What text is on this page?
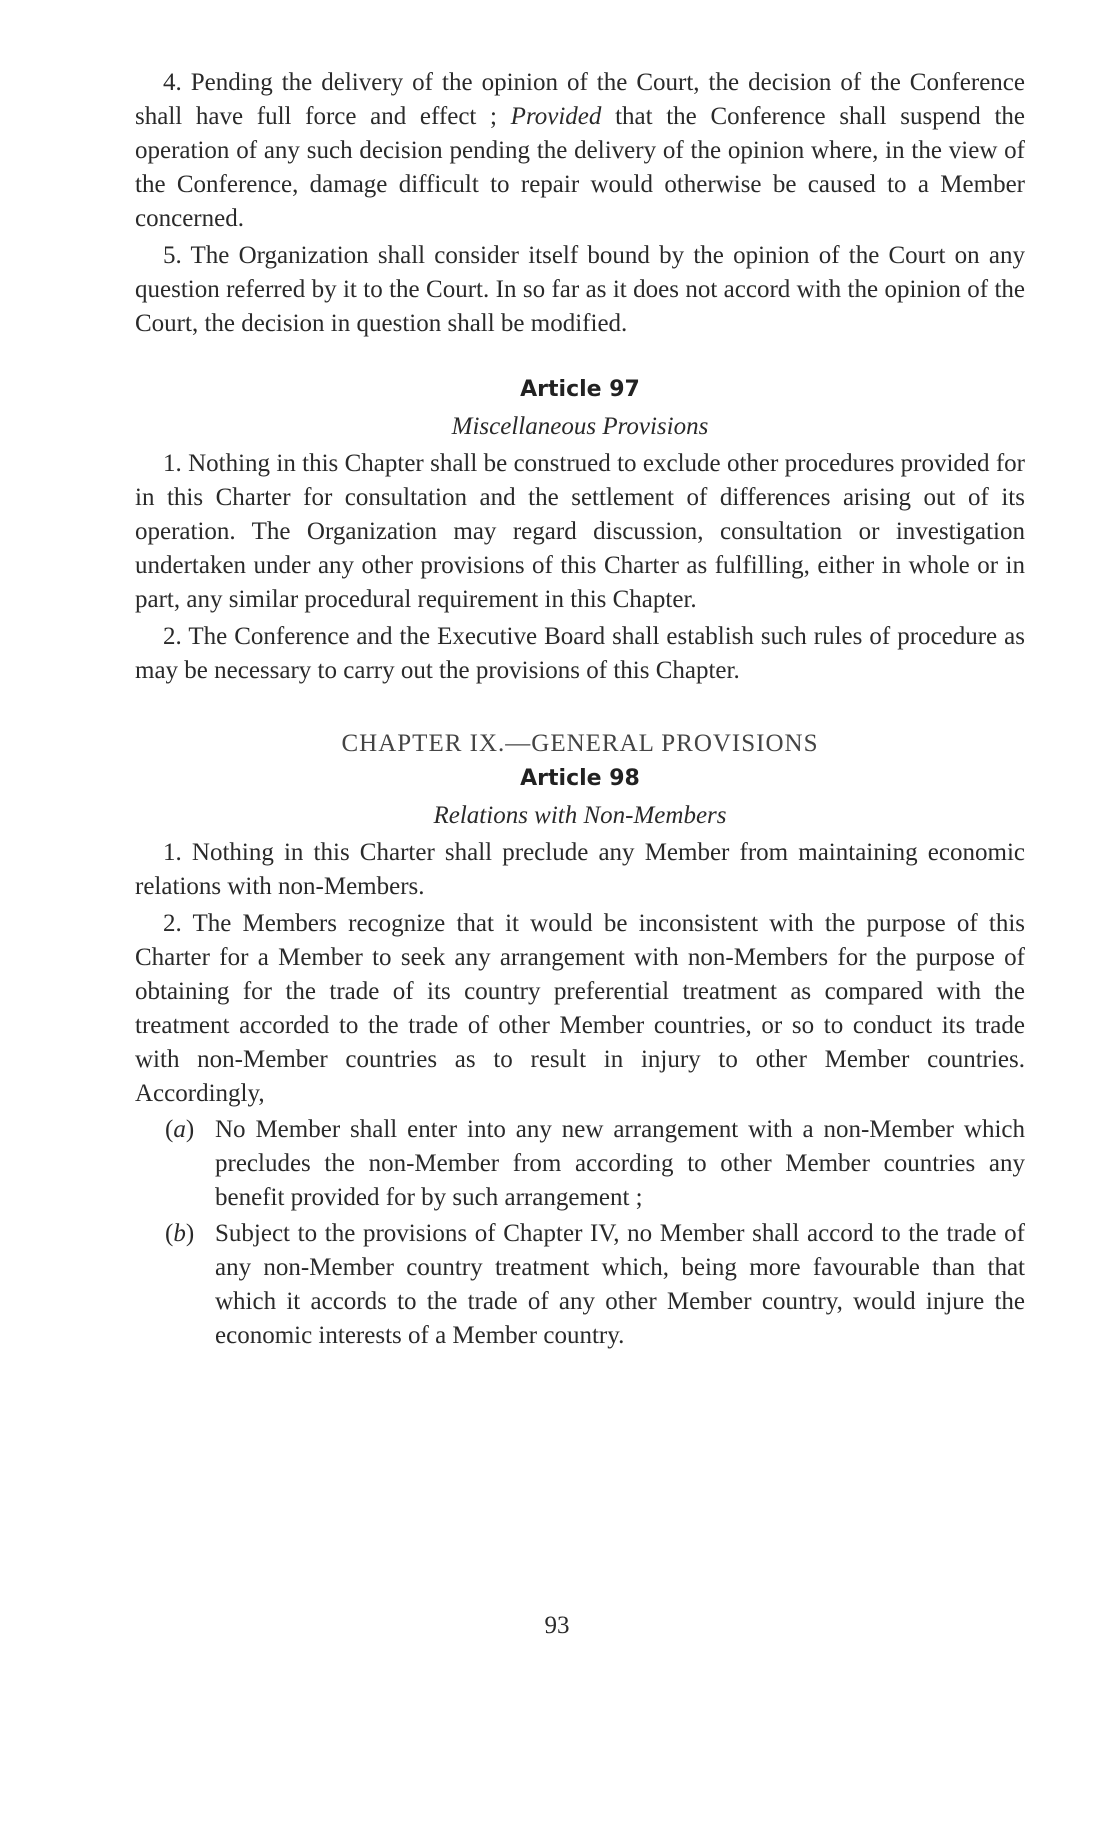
4. Pending the delivery of the opinion of the Court, the decision of the Conference shall have full force and effect ; Provided that the Conference shall suspend the operation of any such decision pending the delivery of the opinion where, in the view of the Conference, damage difficult to repair would otherwise be caused to a Member concerned.

5. The Organization shall consider itself bound by the opinion of the Court on any question referred by it to the Court. In so far as it does not accord with the opinion of the Court, the decision in question shall be modified.

Article 97
Miscellaneous Provisions

1. Nothing in this Chapter shall be construed to exclude other procedures provided for in this Charter for consultation and the settlement of differences arising out of its operation. The Organization may regard discussion, consultation or investigation undertaken under any other provisions of this Charter as fulfilling, either in whole or in part, any similar procedural requirement in this Chapter.

2. The Conference and the Executive Board shall establish such rules of procedure as may be necessary to carry out the provisions of this Chapter.

CHAPTER IX.—GENERAL PROVISIONS
Article 98
Relations with Non-Members

1. Nothing in this Charter shall preclude any Member from maintaining economic relations with non-Members.

2. The Members recognize that it would be inconsistent with the purpose of this Charter for a Member to seek any arrangement with non-Members for the purpose of obtaining for the trade of its country preferential treatment as compared with the treatment accorded to the trade of other Member countries, or so to conduct its trade with non-Member countries as to result in injury to other Member countries. Accordingly,

(a) No Member shall enter into any new arrangement with a non-Member which precludes the non-Member from according to other Member countries any benefit provided for by such arrangement ;
(b) Subject to the provisions of Chapter IV, no Member shall accord to the trade of any non-Member country treatment which, being more favourable than that which it accords to the trade of any other Member country, would injure the economic interests of a Member country.
93
